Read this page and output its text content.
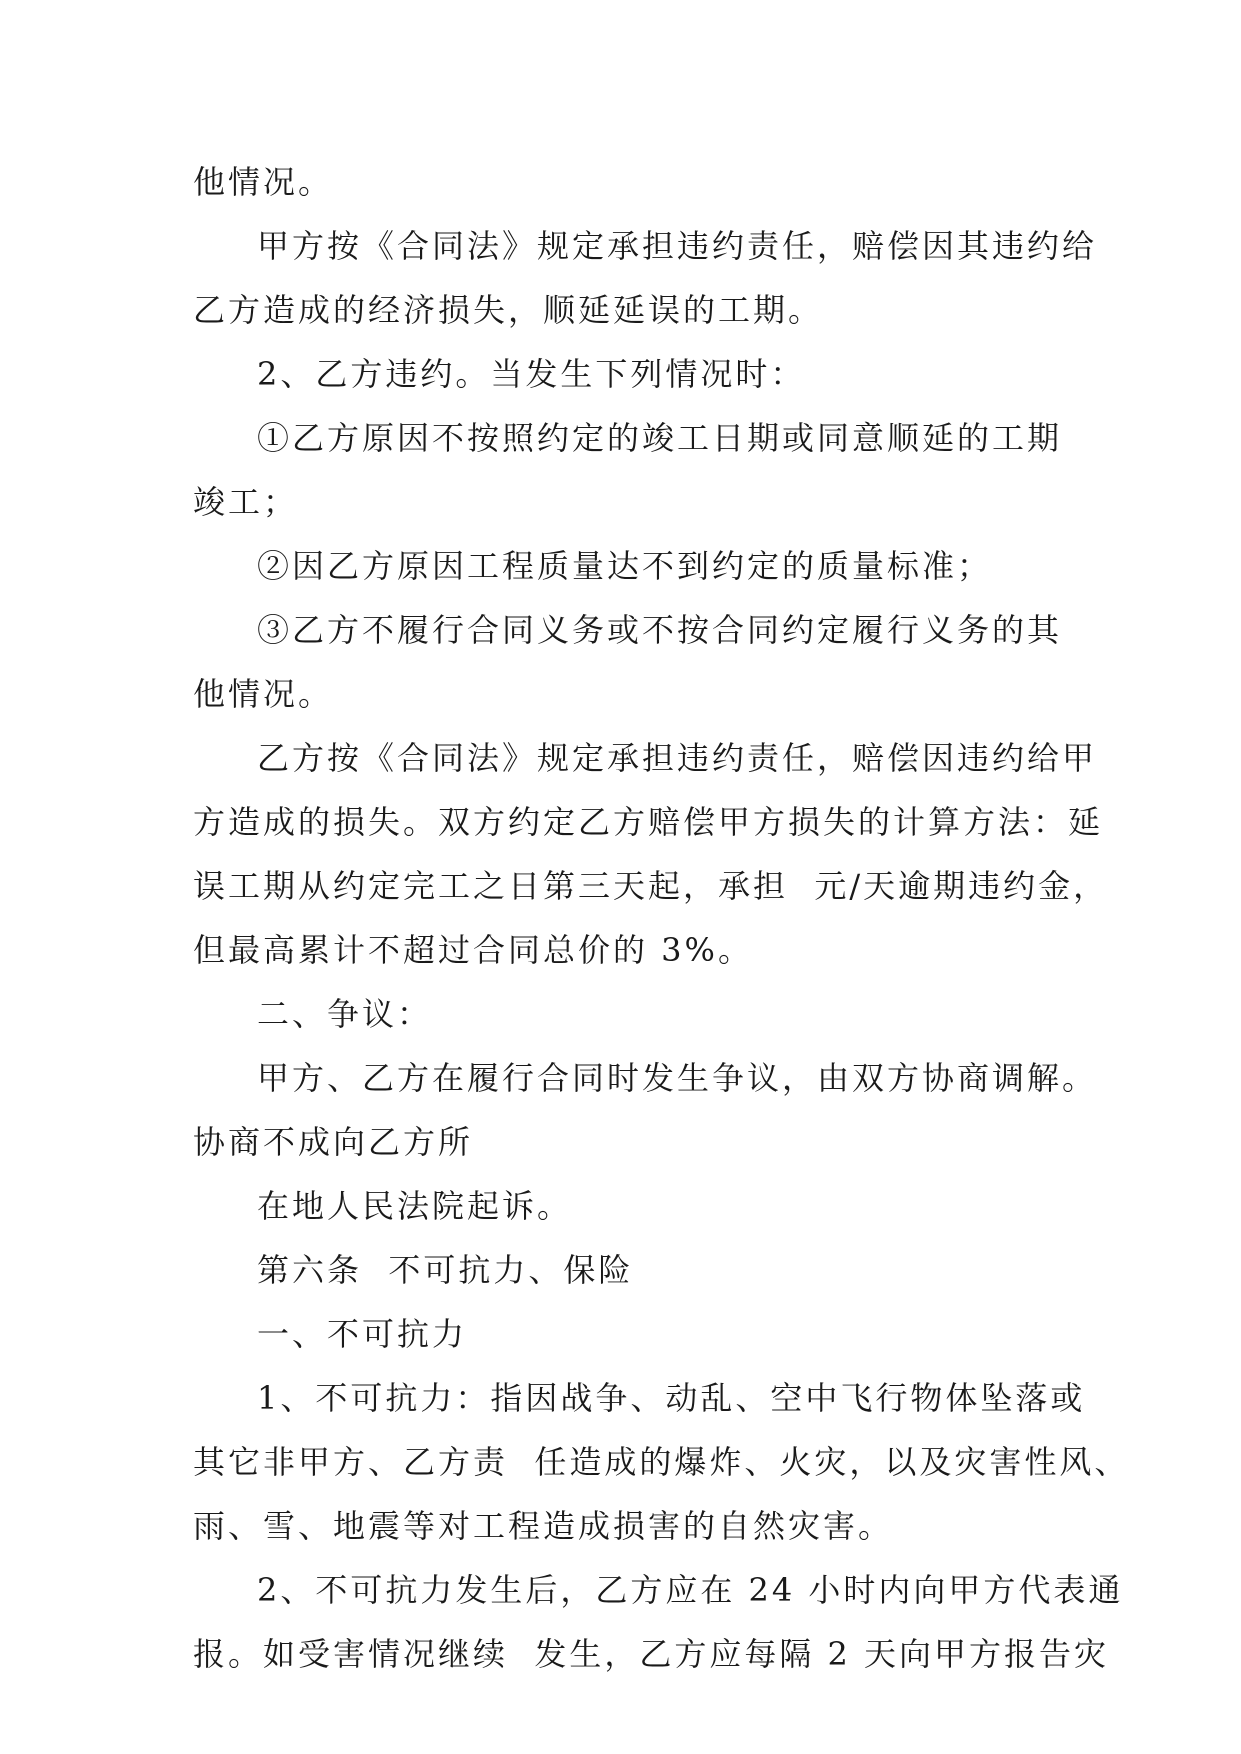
他情况。
甲方按《合同法》规定承担违约责任，赔偿因其违约给
乙方造成的经济损失，顺延延误的工期。
2、乙方违约。当发生下列情况时：
①乙方原因不按照约定的竣工日期或同意顺延的工期
竣工；
②因乙方原因工程质量达不到约定的质量标准；
③乙方不履行合同义务或不按合同约定履行义务的其
他情况。
乙方按《合同法》规定承担违约责任，赔偿因违约给甲
方造成的损失。双方约定乙方赔偿甲方损失的计算方法：延
误工期从约定完工之日第三天起，承担  元/天逾期违约金，
但最高累计不超过合同总价的 3%。
二、争议：
甲方、乙方在履行合同时发生争议，由双方协商调解。
协商不成向乙方所
在地人民法院起诉。
第六条  不可抗力、保险
一、不可抗力
1、不可抗力：指因战争、动乱、空中飞行物体坠落或
其它非甲方、乙方责  任造成的爆炸、火灾，以及灾害性风、
雨、雪、地震等对工程造成损害的自然灾害。
2、不可抗力发生后，乙方应在 24 小时内向甲方代表通
报。如受害情况继续  发生，乙方应每隔 2 天向甲方报告灾
